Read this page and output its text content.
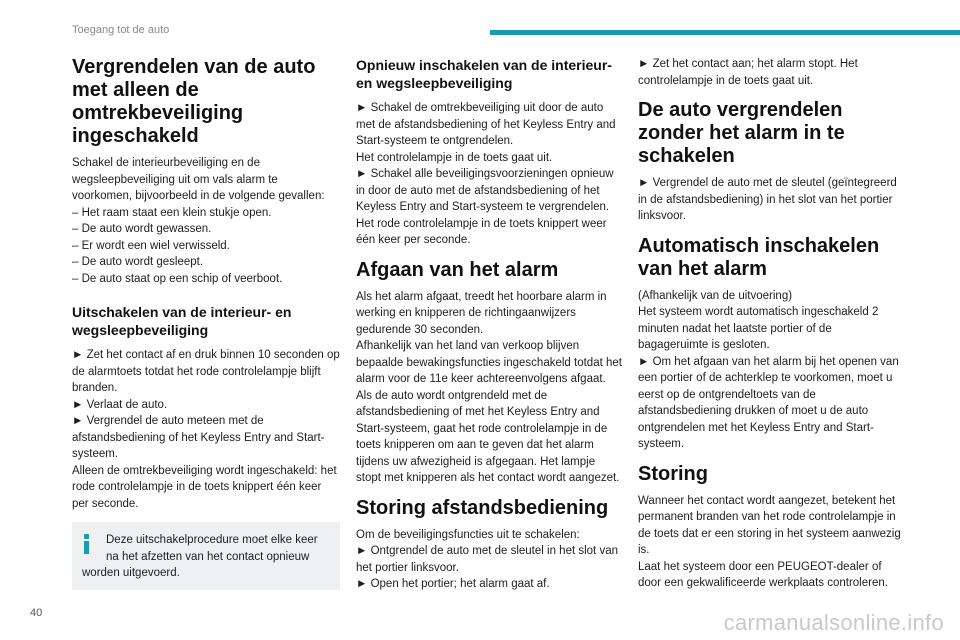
Toegang tot de auto
Vergrendelen van de auto met alleen de omtrekbeveiliging ingeschakeld

Schakel de interieurbeveiliging en de wegsleepbeveiliging uit om vals alarm te voorkomen, bijvoorbeeld in de volgende gevallen:

– Het raam staat een klein stukje open.

– De auto wordt gewassen.

– Er wordt een wiel verwisseld.

– De auto wordt gesleept.

– De auto staat op een schip of veerboot.

Uitschakelen van de interieur- en wegsleepbeveiliging

► Zet het contact af en druk binnen 10 seconden op de alarmtoets totdat het rode controlelampje blijft branden.

► Verlaat de auto.

► Vergrendel de auto meteen met de afstandsbediening of het Keyless Entry and Start-systeem.

Alleen de omtrekbeveiliging wordt ingeschakeld: het rode controlelampje in de toets knippert één keer per seconde.

Deze uitschakelprocedure moet elke keer
na het afzetten van het contact opnieuw
worden uitgevoerd.
Opnieuw inschakelen van de interieur- en wegsleepbeveiliging

► Schakel de omtrekbeveiliging uit door de auto met de afstandsbediening of het Keyless Entry and Start-systeem te ontgrendelen.

Het controlelampje in de toets gaat uit.

► Schakel alle beveiligingsvoorzieningen opnieuw in door de auto met de afstandsbediening of het Keyless Entry and Start-systeem te vergrendelen.

Het rode controlelampje in de toets knippert weer één keer per seconde.

Afgaan van het alarm

Als het alarm afgaat, treedt het hoorbare alarm in werking en knipperen de richtingaanwijzers gedurende 30 seconden.

Afhankelijk van het land van verkoop blijven bepaalde bewakingsfuncties ingeschakeld totdat het alarm voor de 11e keer achtereenvolgens afgaat.

Als de auto wordt ontgrendeld met de afstandsbediening of met het Keyless Entry and Start-systeem, gaat het rode controlelampje in de toets knipperen om aan te geven dat het alarm tijdens uw afwezigheid is afgegaan. Het lampje stopt met knipperen als het contact wordt aangezet.

Storing afstandsbediening

Om de beveiligingsfuncties uit te schakelen:

► Ontgrendel de auto met de sleutel in het slot van het portier linksvoor.

► Open het portier; het alarm gaat af.

► Zet het contact aan; het alarm stopt. Het controlelampje in de toets gaat uit.

De auto vergrendelen zonder het alarm in te schakelen

► Vergrendel de auto met de sleutel (geïntegreerd in de afstandsbediening) in het slot van het portier linksvoor.

Automatisch inschakelen van het alarm

(Afhankelijk van de uitvoering)

Het systeem wordt automatisch ingeschakeld 2 minuten nadat het laatste portier of de bagageruimte is gesloten.

► Om het afgaan van het alarm bij het openen van een portier of de achterklep te voorkomen, moet u eerst op de ontgrendeltoets van de afstandsbediening drukken of moet u de auto ontgrendelen met het Keyless Entry and Start-systeem.

Storing

Wanneer het contact wordt aangezet, betekent het permanent branden van het rode controlelampje in de toets dat er een storing in het systeem aanwezig is.

Laat het systeem door een PEUGEOT-dealer of door een gekwalificeerde werkplaats controleren.

40	carmanualsonline.info
